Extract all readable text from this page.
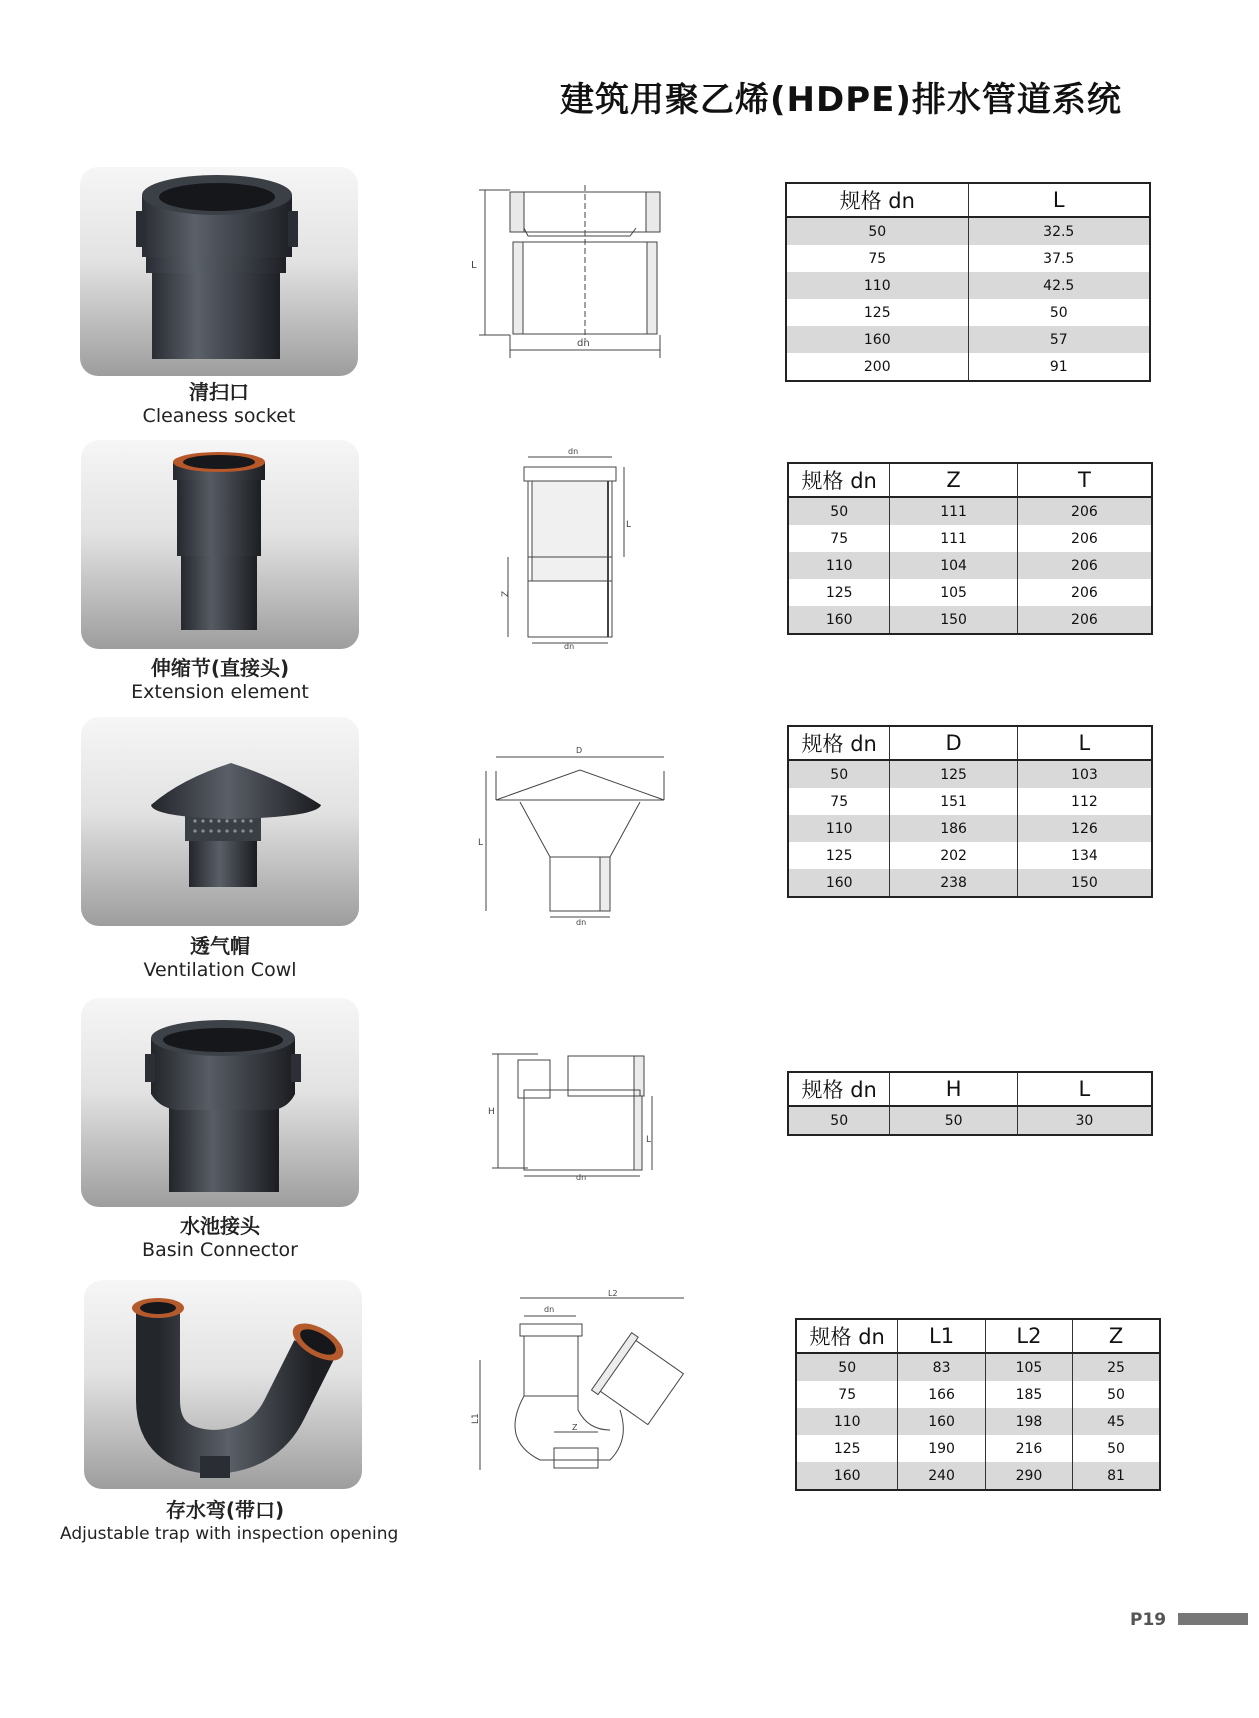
建筑用聚乙烯(HDPE)排水管道系统
清扫口
Cleaness socket
L
dn
规格 dn	L
50	32.5
75	37.5
110	42.5
125	50
160	57
200	91
伸缩节(直接头)
Extension element
dn
Z
L
dn
规格 dn	Z	T
50	111	206
75	111	206
110	104	206
125	105	206
160	150	206
透气帽
Ventilation Cowl
D
L
dn
规格 dn	D	L
50	125	103
75	151	112
110	186	126
125	202	134
160	238	150
水池接头
Basin Connector
H
L
dn
规格 dn	H	L
50	50	30
存水弯(带口)
Adjustable trap with inspection opening
L2
dn
L1
Z
规格 dn	L1	L2	Z
50	83	105	25
75	166	185	50
110	160	198	45
125	190	216	50
160	240	290	81
P19
